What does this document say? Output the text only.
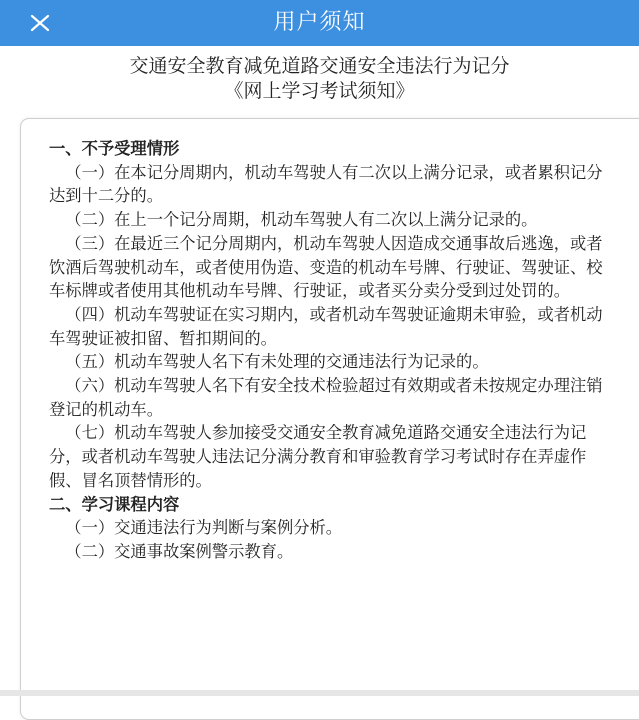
用户须知
交通安全教育减免道路交通安全违法行为记分
《网上学习考试须知》
一、不予受理情形
（一）在本记分周期内，机动车驾驶人有二次以上满分记录，或者累积记分达到十二分的。
（二）在上一个记分周期，机动车驾驶人有二次以上满分记录的。
（三）在最近三个记分周期内，机动车驾驶人因造成交通事故后逃逸，或者饮酒后驾驶机动车，或者使用伪造、变造的机动车号牌、行驶证、驾驶证、校车标牌或者使用其他机动车号牌、行驶证，或者买分卖分受到过处罚的。
（四）机动车驾驶证在实习期内，或者机动车驾驶证逾期未审验，或者机动车驾驶证被扣留、暂扣期间的。
（五）机动车驾驶人名下有未处理的交通违法行为记录的。
（六）机动车驾驶人名下有安全技术检验超过有效期或者未按规定办理注销登记的机动车。
（七）机动车驾驶人参加接受交通安全教育减免道路交通安全违法行为记分，或者机动车驾驶人违法记分满分教育和审验教育学习考试时存在弄虚作假、冒名顶替情形的。
二、学习课程内容
（一）交通违法行为判断与案例分析。
（二）交通事故案例警示教育。
